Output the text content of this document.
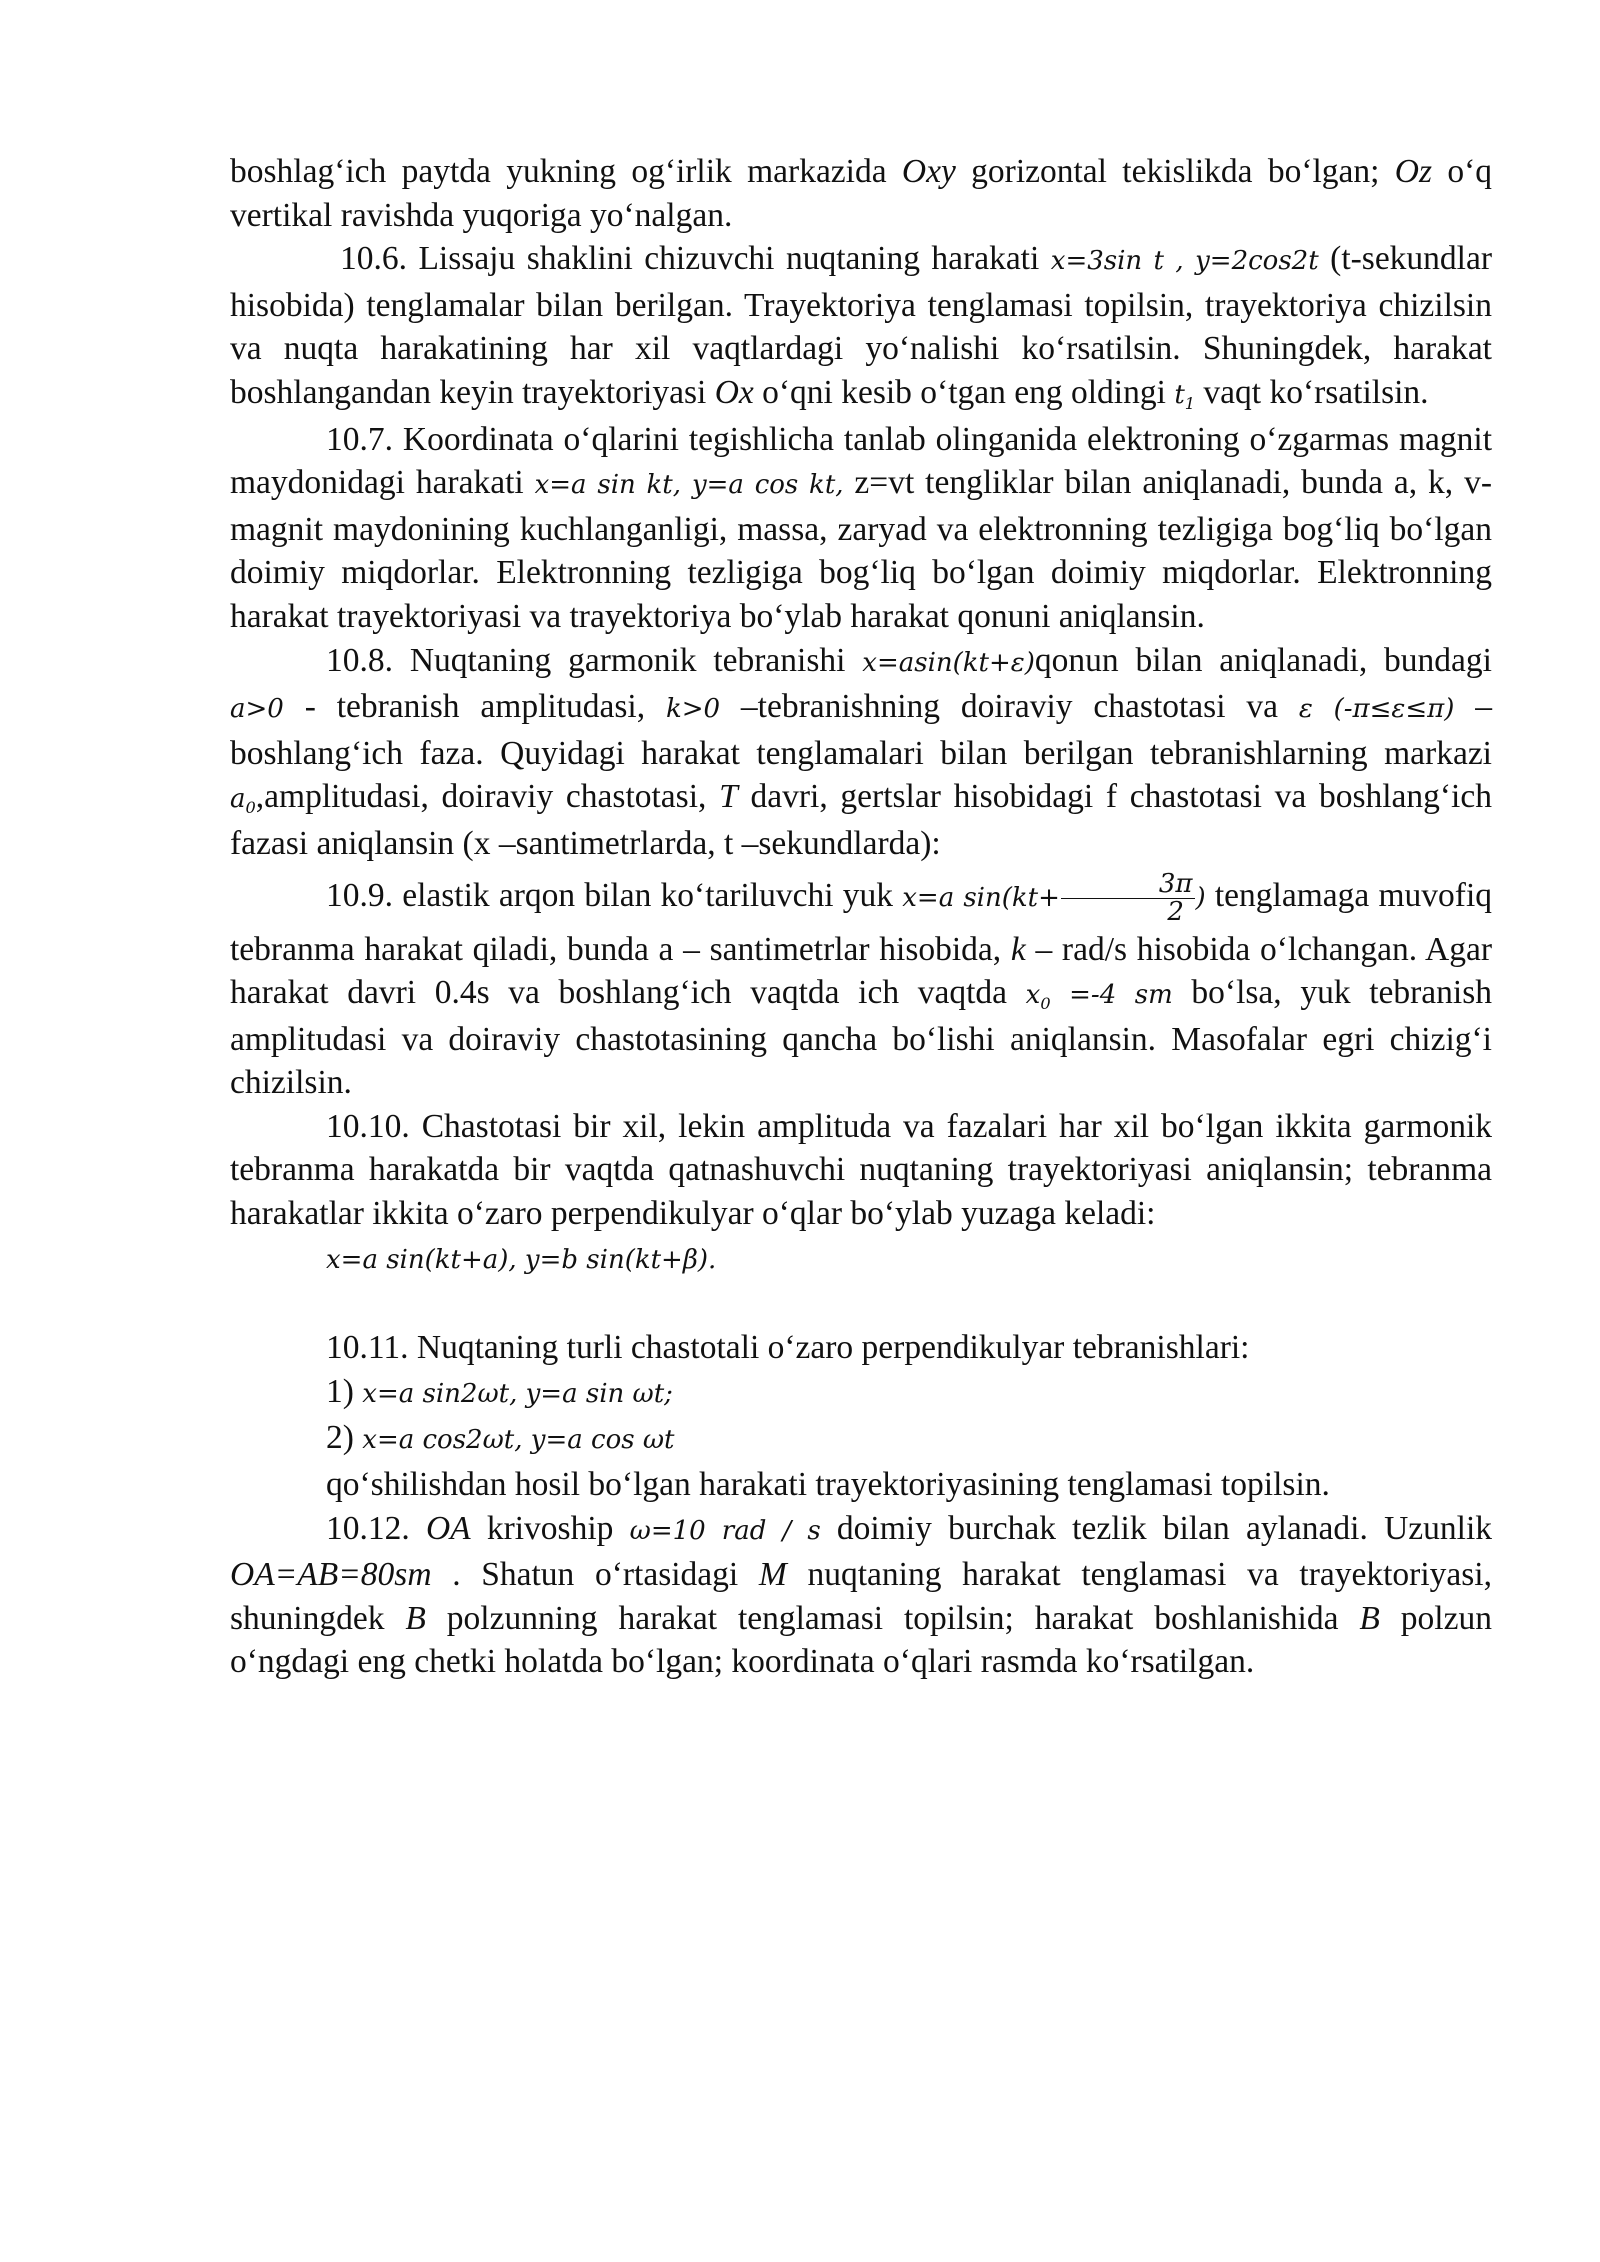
boshlag‘ich paytda yukning og‘irlik markazida Oxy gorizontal tekislikda bo‘lgan; Oz o‘q vertikal ravishda yuqoriga yo‘nalgan.

10.6. Lissaju shaklini chizuvchi nuqtaning harakati x=3sin t , y=2cos2t (t-sekundlar hisobida) tenglamalar bilan berilgan. Trayektoriya tenglamasi topilsin, trayektoriya chizilsin va nuqta harakatining har xil vaqtlardagi yo‘nalishi ko‘rsatilsin. Shuningdek, harakat boshlangandan keyin trayektoriyasi Ox o‘qni kesib o‘tgan eng oldingi $t_1$ vaqt ko‘rsatilsin.

10.7. Koordinata o‘qlarini tegishlicha tanlab olinganida elektroning o‘zgarmas magnit maydonidagi harakati x=a sin kt, y=a cos kt, z=vt tengliklar bilan aniqlanadi, bunda a, k, v-magnit maydonining kuchlanganligi, massa, zaryad va elektronning tezligiga bog‘liq bo‘lgan doimiy miqdorlar. Elektronning tezligiga bog‘liq bo‘lgan doimiy miqdorlar. Elektronning harakat trayektoriyasi va trayektoriya bo‘ylab harakat qonuni aniqlansin.

10.8. Nuqtaning garmonik tebranishi x=asin(kt+ε)qonun bilan aniqlanadi, bundagi a>0 - tebranish amplitudasi, k>0 –tebranishning doiraviy chastotasi va ε (-π≤ε≤π) –boshlang‘ich faza. Quyidagi harakat tenglamalari bilan berilgan tebranishlarning markazi $a_0,amplitudasi$, doiraviy chastotasi, T davri, gertslar hisobidagi f chastotasi va boshlang‘ich fazasi aniqlansin (x –santimetrlarda, t –sekundlarda):

10.9. elastik arqon bilan ko‘tariluvchi yuk x=a $\sin(kt+ \frac{3\pi}{2}$ ) tenglamaga muvofiq tebranma harakat qiladi, bunda a – santimetrlar hisobida, k – rad/s hisobida o‘lchangan. Agar harakat davri 0.4s va boshlang‘ich vaqtda ich vaqtda $x_0 =-4$ sm bo‘lsa, yuk tebranish amplitudasi va doiraviy chastotasining qancha bo‘lishi aniqlansin. Masofalar egri chizig‘i chizilsin.

10.10. Chastotasi bir xil, lekin amplituda va fazalari har xil bo‘lgan ikkita garmonik tebranma harakatda bir vaqtda qatnashuvchi nuqtaning trayektoriyasi aniqlansin; tebranma harakatlar ikkita o‘zaro perpendikulyar o‘qlar bo‘ylab yuzaga keladi:

x=a sin(kt+a), y=b sin(kt+β).

10.11. Nuqtaning turli chastotali o‘zaro perpendikulyar tebranishlari:

1) x=a sin2ωt, y=a sin ωt;

2) x=a cos2ωt, y=a cos ωt

qo‘shilishdan hosil bo‘lgan harakati trayektoriyasining tenglamasi topilsin.

10.12. OA krivoship ω=10 rad / s doimiy burchak tezlik bilan aylanadi. Uzunlik OA=AB=80sm . Shatun o‘rtasidagi M nuqtaning harakat tenglamasi va trayektoriyasi, shuningdek B polzunning harakat tenglamasi topilsin; harakat boshlanishida B polzun o‘ngdagi eng chetki holatda bo‘lgan; koordinata o‘qlari rasmda ko‘rsatilgan.
